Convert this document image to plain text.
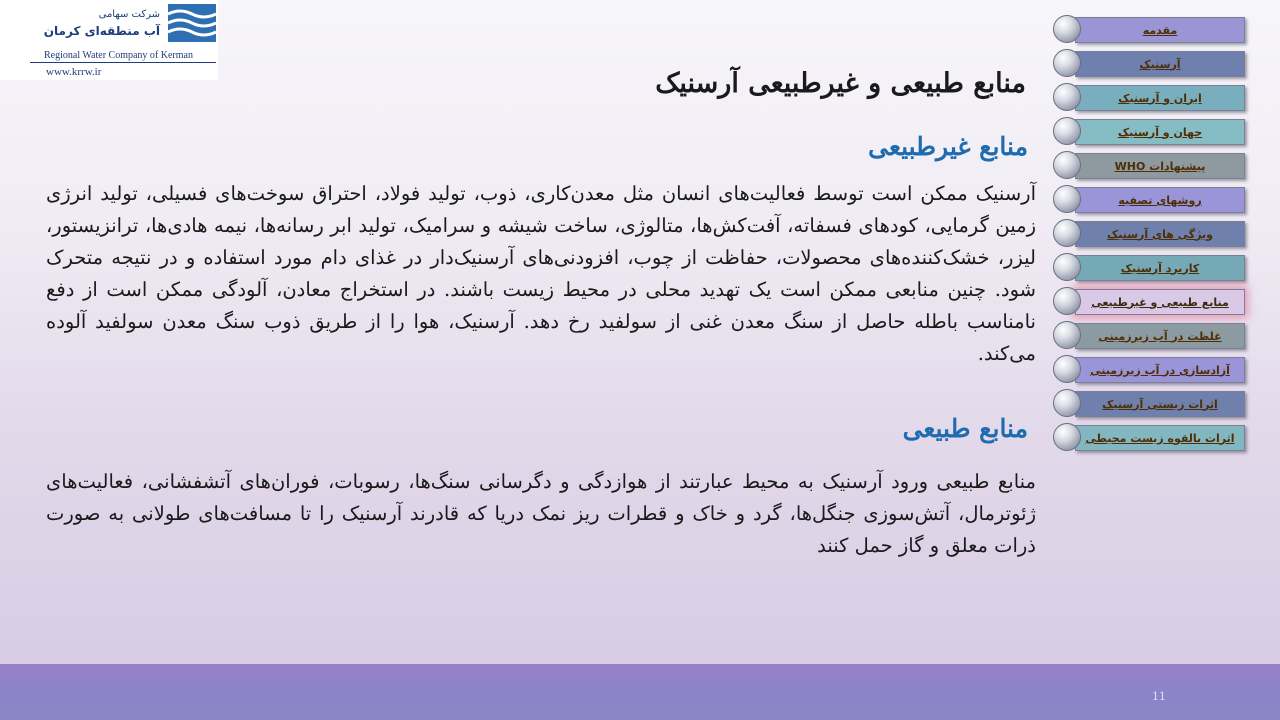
شرکت سهامی
آب منطقه‌ای کرمان
Regional Water Company of Kerman
www.krrw.ir	منابع طبیعی و غیرطبیعی آرسنیک
منابع غیرطبیعی
آرسنیک ممکن است توسط فعالیت‌های انسان مثل معدن‌کاری، ذوب، تولید فولاد، احتراق سوخت‌های فسیلی، تولید انرژی زمین گرمایی، کودهای فسفاته، آفت‌کش‌ها، متالوژی، ساخت شیشه و سرامیک، تولید ابر رسانه‌ها، نیمه هادی‌ها، ترانزیستور، لیزر، خشک‌کننده‌های محصولات، حفاظت از چوب، افزودنی‌های آرسنیک‌دار در غذای دام مورد استفاده و در نتیجه متحرک شود. چنین منابعی ممکن است یک تهدید محلی در محیط زیست باشند. در استخراج معادن، آلودگی ممکن است از دفع نامناسب باطله حاصل از سنگ معدن غنی از سولفید رخ دهد. آرسنیک، هوا را از طریق ذوب سنگ معدن سولفید آلوده می‌کند.
منابع طبیعی
منابع طبیعی ورود آرسنیک به محیط عبارتند از هوازدگی و دگرسانی سنگ‌ها، رسوبات، فوران‌های آتشفشانی، فعالیت‌های ژئوترمال، آتش‌سوزی جنگل‌ها، گرد و خاک و قطرات ریز نمک دریا که قادرند آرسنیک را تا مسافت‌های طولانی به صورت ذرات معلق و گاز حمل کنند
مقدمه
آرسنیک
ایران و آرسنیک
جهان و آرسنیک
پیشنهادات WHO
روشهای تصفیه
ویژگی های آرسنیک
کاربرد آرسنیک
منابع طبیعی و غیرطبیعی
غلظت در آب زیرزمینی
آزادسازی در آب زیرزمینی
اثرات زیستی آرسنیک
اثرات بالقوه زیست محیطی
11
